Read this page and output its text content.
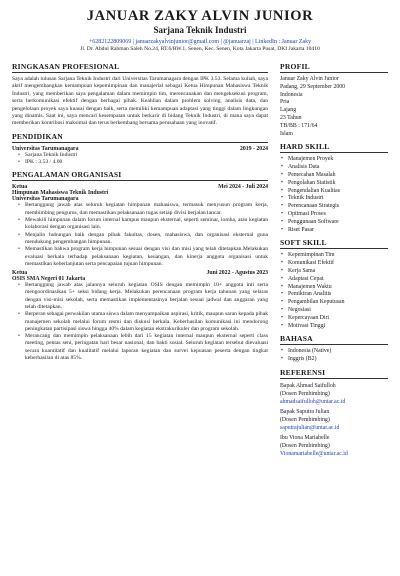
JANUAR ZAKY ALVIN JUNIOR
Sarjana Teknik Industri
+6282122809069 | januarzakyalvinjunior@gmail.com | @januarzaj | LinkedIn : Januar Zaky
Jl. Dr. Abdul Rahman Saleh No.24, RT.6/RW.1, Senen, Kec. Senen, Kota Jakarta Pusat, DKI Jakarta 10410
RINGKASAN PROFESIONAL
Saya adalah lulusan Sarjana Teknik Industri dari Universitas Tarumanagara dengan IPK 3.53. Selama kuliah, saya aktif mengembangkan kemampuan kepemimpinan dan manajerial sebagai Ketua Himpunan Mahasiswa Teknik Industri, yang memberikan saya pengalaman dalam memimpin tim, merencanakan dan mengeksekusi program, serta berkomunikasi efektif dengan berbagai pihak. Keahlian dalam problem solving, analisis data, dan pengelolaan proyek saya kuasai dengan baik, serta memiliki kemampuan adaptasi yang tinggi dalam lingkungan yang dinamis. Saat ini, saya mencari kesempatan untuk berkarir di bidang Teknik Industri, di mana saya dapat memberikan kontribusi maksimal dan terus berkembang bersama perusahaan yang inovatif.
PENDIDIKAN
Universitas Tarumanagara	2019 - 2024
• Sarjana Teknik Industri
• IPK : 3.53 / 4.00
PENGALAMAN ORGANISASI
Ketua	Mei 2024 - Juli 2024
Himpunan Mahasiswa Teknik Industri
Universitas Tarumanagara
• Bertanggung jawab atas seluruh kegiatan himpunan mahasiswa, termasuk menyusun program kerja, membimbing pengurus, dan memastikan pelaksanaan tugas setiap divisi berjalan lancar.
• Mewakili himpunan dalam forum internal kampus maupun eksternal, seperti seminar, lomba, atau kegiatan kolaborasi dengan organisasi lain.
• Menjalin hubungan baik dengan pihak fakultas, dosen, mahasiswa, dan organisasi eksternal guna mendukung pengembangan himpunan.
• Memastikan bahwa program kerja himpunan sesuai dengan visi dan misi yang telah ditetapkan.Melakukan evaluasi berkala terhadap pelaksanaan kegiatan, keuangan, dan kinerja anggota organisasi untuk memastikan keberlanjutan serta pencapaian tujuan himpunan.
Ketua	Juni 2022 - Agustus 2023
OSIS SMA Negeri 01 Jakarta
• Bertanggung jawab atas jalannya seluruh kegiatan OSIS dengan memimpin 10+ anggota inti serta mengoordinasikan 5+ seksi bidang kerja. Melakukan perencanaan program kerja tahunan yang selaras dengan visi-misi sekolah, serta memastikan implementasinya berjalan sesuai jadwal dan anggaran yang telah ditetapkan.
• Berperan sebagai perwakilan utama siswa dalam menyampaikan aspirasi, kritik, maupun saran kepada pihak manajemen sekolah melalui forum resmi dan diskusi berkala. Keberhasilan komunikasi ini mendorong peningkatan partisipasi siswa hingga 40% dalam kegiatan ekstrakurikuler dan program sekolah.
• Merancang dan memimpin pelaksanaan lebih dari 15 kegiatan internal maupun eksternal seperti class meeting, pentas seni, peringatan hari besar nasional, dan bakti sosial. Seluruh kegiatan tersebut dievaluasi secara kuantitatif dan kualitatif melalui laporan kegiatan dan survei kepuasan peserta dengan tingkat keberhasilan di atas 85%.
PROFIL
Januar Zaky Alvin Junior
Padang, 29 September 2000
Indonesia
Pria
Lajang
23 Tahun
TB/BB : 171/64
Islam
HARD SKILL
• Manajemen Proyek
• Analisis Data
• Pemecahan Masalah
• Pengolahan Statistik
• Pengendalian Kualitas
• Teknik Industri
• Perencanaan Strategis
• Optimasi Proses
• Penggunaan Software
• Riset Pasar
SOFT SKILL
• Kepemimpinan Tim
• Komunikasi Efektif
• Kerja Sama
• Adaptasi Cepat
• Manajemen Waktu
• Pemikiran Analitis
• Pengambilan Keputusan
• Negosiasi
• Kepercayaan Diri
• Motivasi Tinggi
BAHASA
• Indonesia (Native)
• Inggris (B2)
REFERENSI
Bapak Ahmad Saifulloh
(Dosen Pembimbing)
ahmadsaifulloh@untar.ac.id
Bapak Saputra Julian
(Dosen Pembimbing)
saputrajulian@untar.ac.id
Ibu Viona Mariabelle
(Dosen Pembimbing)
Vionamariabelle@untar.ac.id
